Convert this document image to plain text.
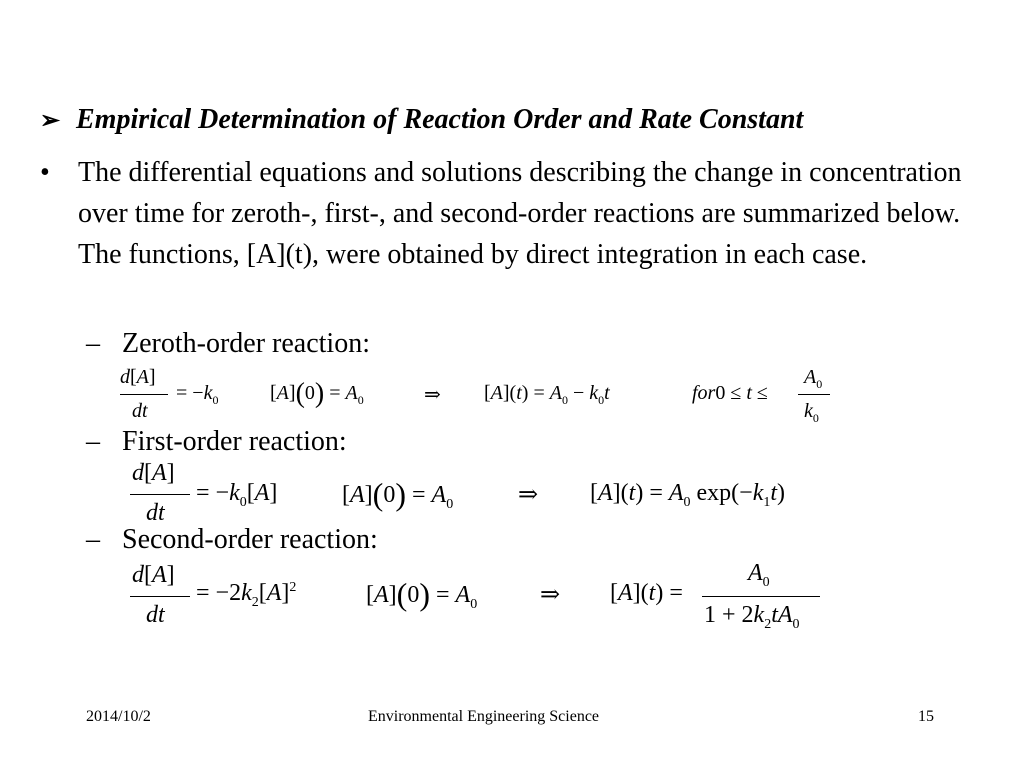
➢ Empirical Determination of Reaction Order and Rate Constant
•	The differential equations and solutions describing the change in concentration over time for zeroth-, first-, and second-order reactions are summarized below. The functions, [A](t), were obtained by direct integration in each case.
– Zeroth-order reaction:
d[A]
dt
= $-k_0$	$[A](0) = A_0$	⇒ $[A](t) = A_0 - k_0t$	for0 ≤ t ≤
$A_0$
$k_0$
– First-order reaction:
d[A]
dt
= $-k_0[A]$	$[A](0) = A_0$	⇒ $[A](t) = A_0$ $\exp(-k_1t)$
– Second-order reaction:
d[A]
dt
= $-2k_2[A]^2$	$[A](0) = A_0$	⇒ [A](t) =
$A_0$
$1 + 2k_2tA_0$
2014/10/2	Environmental Engineering Science	15
